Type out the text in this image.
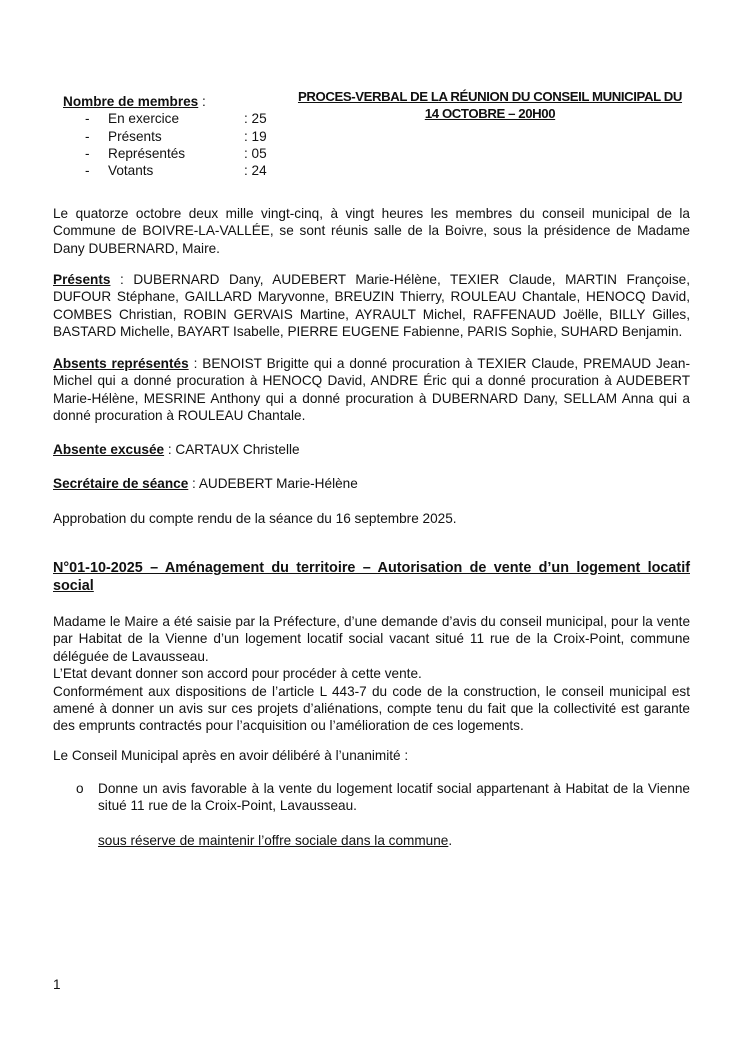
Nombre de membres :
- En exercice	: 25
- Présents	: 19
- Représentés	: 05
- Votants	: 24
PROCES-VERBAL DE LA RÉUNION DU CONSEIL MUNICIPAL DU
14 OCTOBRE – 20H00

Le quatorze octobre deux mille vingt-cinq, à vingt heures les membres du conseil municipal de la Commune de BOIVRE-LA-VALLÉE, se sont réunis salle de la Boivre, sous la présidence de Madame Dany DUBERNARD, Maire.

Présents : DUBERNARD Dany, AUDEBERT Marie-Hélène, TEXIER Claude, MARTIN Françoise, DUFOUR Stéphane, GAILLARD Maryvonne, BREUZIN Thierry, ROULEAU Chantale, HENOCQ David, COMBES Christian, ROBIN GERVAIS Martine, AYRAULT Michel, RAFFENAUD Joëlle, BILLY Gilles, BASTARD Michelle, BAYART Isabelle, PIERRE EUGENE Fabienne, PARIS Sophie, SUHARD Benjamin.

Absents représentés : BENOIST Brigitte qui a donné procuration à TEXIER Claude, PREMAUD Jean-Michel qui a donné procuration à HENOCQ David, ANDRE Éric qui a donné procuration à AUDEBERT Marie-Hélène, MESRINE Anthony qui a donné procuration à DUBERNARD Dany, SELLAM Anna qui a donné procuration à ROULEAU Chantale.

Absente excusée : CARTAUX Christelle

Secrétaire de séance : AUDEBERT Marie-Hélène

Approbation du compte rendu de la séance du 16 septembre 2025.

N°01-10-2025 – Aménagement du territoire – Autorisation de vente d’un logement locatif social

Madame le Maire a été saisie par la Préfecture, d’une demande d’avis du conseil municipal, pour la vente par Habitat de la Vienne d’un logement locatif social vacant situé 11 rue de la Croix-Point, commune déléguée de Lavausseau.

L’Etat devant donner son accord pour procéder à cette vente.

Conformément aux dispositions de l’article L 443-7 du code de la construction, le conseil municipal est amené à donner un avis sur ces projets d’aliénations, compte tenu du fait que la collectivité est garante des emprunts contractés pour l’acquisition ou l’amélioration de ces logements.

Le Conseil Municipal après en avoir délibéré à l’unanimité :

o Donne un avis favorable à la vente du logement locatif social appartenant à Habitat de la Vienne situé 11 rue de la Croix-Point, Lavausseau.

sous réserve de maintenir l’offre sociale dans la commune.

1
